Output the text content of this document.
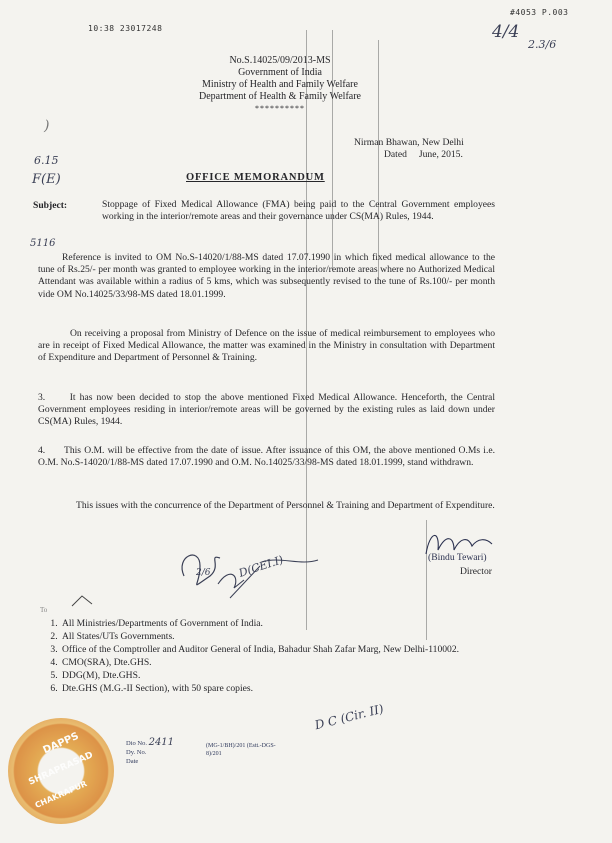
10:38 23017248
#4053 P.003
4/4
2.3/6
No.S.14025/09/2013-MS
Government of India
Ministry of Health and Family Welfare
Department of Health & Family Welfare
**********
Nirman Bhawan, New Delhi
Dated     June, 2015.
)
6.15
F(E)	OFFICE MEMORANDUM
Subject:	Stoppage of Fixed Medical Allowance (FMA) being paid to the Central Government employees working in the interior/remote areas and their governance under CS(MA) Rules, 1944.
5116
Reference is invited to OM No.S-14020/1/88-MS dated 17.07.1990 in which fixed medical allowance to the tune of Rs.25/- per month was granted to employee working in the interior/remote areas where no Authorized Medical Attendant was available within a radius of 5 kms, which was subsequently revised to the tune of Rs.100/- per month vide OM No.14025/33/98-MS dated 18.01.1999.
On receiving a proposal from Ministry of Defence on the issue of medical reimbursement to employees who are in receipt of Fixed Medical Allowance, the matter was examined in the Ministry in consultation with Department of Expenditure and Department of Personnel & Training.
3.      It has now been decided to stop the above mentioned Fixed Medical Allowance. Henceforth, the Central Government employees residing in interior/remote areas will be governed by the existing rules as laid down under CS(MA) Rules, 1944.
4.      This O.M. will be effective from the date of issue. After issuance of this OM, the above mentioned O.Ms i.e. O.M. No.S-14020/1/88-MS dated 17.07.1990 and O.M. No.14025/33/98-MS dated 18.01.1999, stand withdrawn.
This issues with the concurrence of the Department of Personnel & Training and Department of Expenditure.
2/6 D(CEI.I)	(Bindu Tewari)
Director
To
1. All Ministries/Departments of Government of India.
2. All States/UTs Governments.
3. Office of the Comptroller and Auditor General of India, Bahadur Shah Zafar Marg, New Delhi-110002.
4. CMO(SRA), Dte.GHS.
5. DDG(M), Dte.GHS.
6. Dte.GHS (M.G.-II Section), with 50 spare copies.
Dio No. 2411
Dy. No.
Date
(MG-1/BH)/201 (Estt.-DGS-8)/201
D C (Cir. II)
DAPPS
SHRAPRASAD
CHAKRAPUR
